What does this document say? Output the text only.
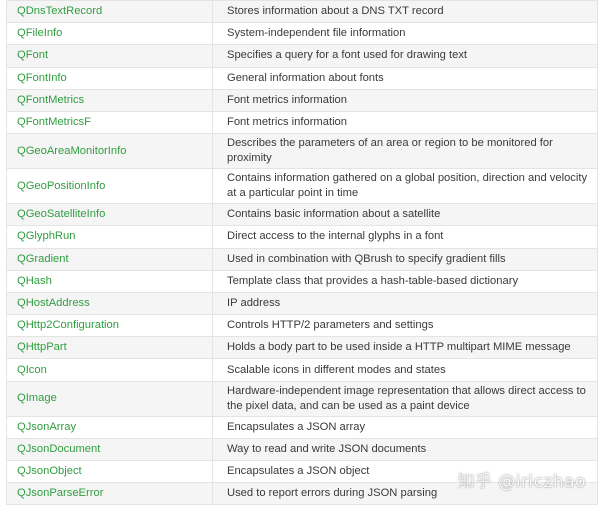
QDnsTextRecord	Stores information about a DNS TXT record
QFileInfo	System-independent file information
QFont	Specifies a query for a font used for drawing text
QFontInfo	General information about fonts
QFontMetrics	Font metrics information
QFontMetricsF	Font metrics information
QGeoAreaMonitorInfo	Describes the parameters of an area or region to be monitored for proximity
QGeoPositionInfo	Contains information gathered on a global position, direction and velocity at a particular point in time
QGeoSatelliteInfo	Contains basic information about a satellite
QGlyphRun	Direct access to the internal glyphs in a font
QGradient	Used in combination with QBrush to specify gradient fills
QHash	Template class that provides a hash-table-based dictionary
QHostAddress	IP address
QHttp2Configuration	Controls HTTP/2 parameters and settings
QHttpPart	Holds a body part to be used inside a HTTP multipart MIME message
QIcon	Scalable icons in different modes and states
QImage	Hardware-independent image representation that allows direct access to the pixel data, and can be used as a paint device
QJsonArray	Encapsulates a JSON array
QJsonDocument	Way to read and write JSON documents
QJsonObject	Encapsulates a JSON object
QJsonParseError	Used to report errors during JSON parsing
知乎 @iriczhao
